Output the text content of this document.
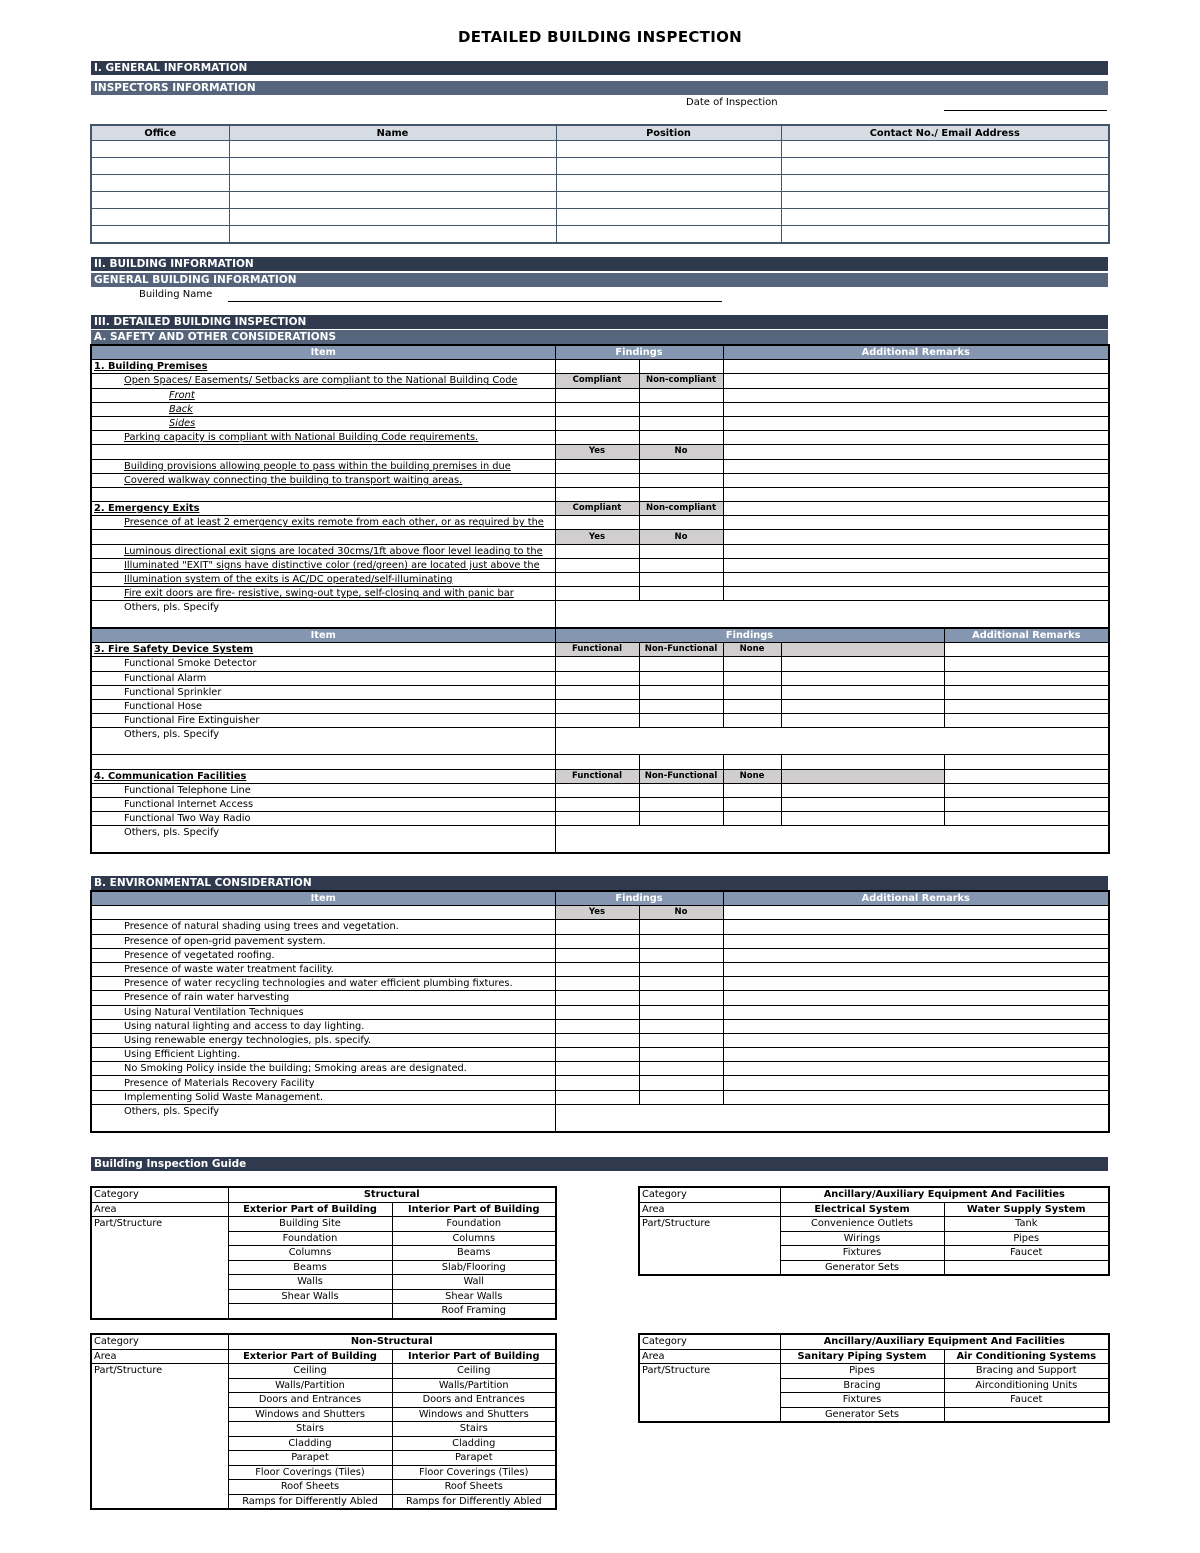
DETAILED BUILDING INSPECTION
I. GENERAL INFORMATION
INSPECTORS INFORMATION
Date of Inspection
Office	Name	Position	Contact No./ Email Address

II. BUILDING INFORMATION
GENERAL BUILDING INFORMATION
Building Name
III. DETAILED BUILDING INSPECTION
A. SAFETY AND OTHER CONSIDERATIONS
Item	Findings		Additional Remarks
1. Building Premises			
Open Spaces/ Easements/ Setbacks are compliant to the National Building Code	Compliant	Non-compliant	
Front			
Back			
Sides			
Parking capacity is compliant with National Building Code requirements.			
	Yes	No	
Building provisions allowing people to pass within the building premises in due			
Covered walkway connecting the building to transport waiting areas.			

2. Emergency Exits	Compliant	Non-compliant	
Presence of at least 2 emergency exits remote from each other, or as required by the			
	Yes	No	
Luminous directional exit signs are located 30cms/1ft above floor level leading to the			
Illuminated "EXIT" signs have distinctive color (red/green) are located just above the			
Illumination system of the exits is AC/DC operated/self-illuminating			
Fire exit doors are fire- resistive, swing-out type, self-closing and with panic bar			
Others, pls. Specify			
Item	Findings				Additional Remarks
3. Fire Safety Device System	Functional	Non-Functional	None		
Functional Smoke Detector					
Functional Alarm					
Functional Sprinkler					
Functional Hose					
Functional Fire Extinguisher					
Others, pls. Specify					

4. Communication Facilities	Functional	Non-Functional	None		
Functional Telephone Line					
Functional Internet Access					
Functional Two Way Radio					
Others, pls. Specify					
B. ENVIRONMENTAL CONSIDERATION
Item	Findings		Additional Remarks
	Yes	No	
Presence of natural shading using trees and vegetation.			
Presence of open-grid pavement system.			
Presence of vegetated roofing.			
Presence of waste water treatment facility.			
Presence of water recycling technologies and water efficient plumbing fixtures.			
Presence of rain water harvesting			
Using Natural Ventilation Techniques			
Using natural lighting and access to day lighting.			
Using renewable energy technologies, pls. specify.			
Using Efficient Lighting.			
No Smoking Policy inside the building; Smoking areas are designated.			
Presence of Materials Recovery Facility			
Implementing Solid Waste Management.			
Others, pls. Specify			
Building Inspection Guide
Category	Structural	
Area	Exterior Part of Building	Interior Part of Building
Part/Structure	Building Site	Foundation
	Foundation	Columns
	Columns	Beams
	Beams	Slab/Flooring
	Walls	Wall
	Shear Walls	Shear Walls
		Roof Framing
Category	Ancillary/Auxiliary Equipment And Facilities	
Area	Electrical System	Water Supply System
Part/Structure	Convenience Outlets	Tank
	Wirings	Pipes
	Fixtures	Faucet
	Generator Sets	
Category	Non-Structural	
Area	Exterior Part of Building	Interior Part of Building
Part/Structure	Ceiling	Ceiling
	Walls/Partition	Walls/Partition
	Doors and Entrances	Doors and Entrances
	Windows and Shutters	Windows and Shutters
	Stairs	Stairs
	Cladding	Cladding
	Parapet	Parapet
	Floor Coverings (Tiles)	Floor Coverings (Tiles)
	Roof Sheets	Roof Sheets
	Ramps for Differently Abled	Ramps for Differently Abled
Category	Ancillary/Auxiliary Equipment And Facilities	
Area	Sanitary Piping System	Air Conditioning Systems
Part/Structure	Pipes	Bracing and Support
	Bracing	Airconditioning Units
	Fixtures	Faucet
	Generator Sets	
